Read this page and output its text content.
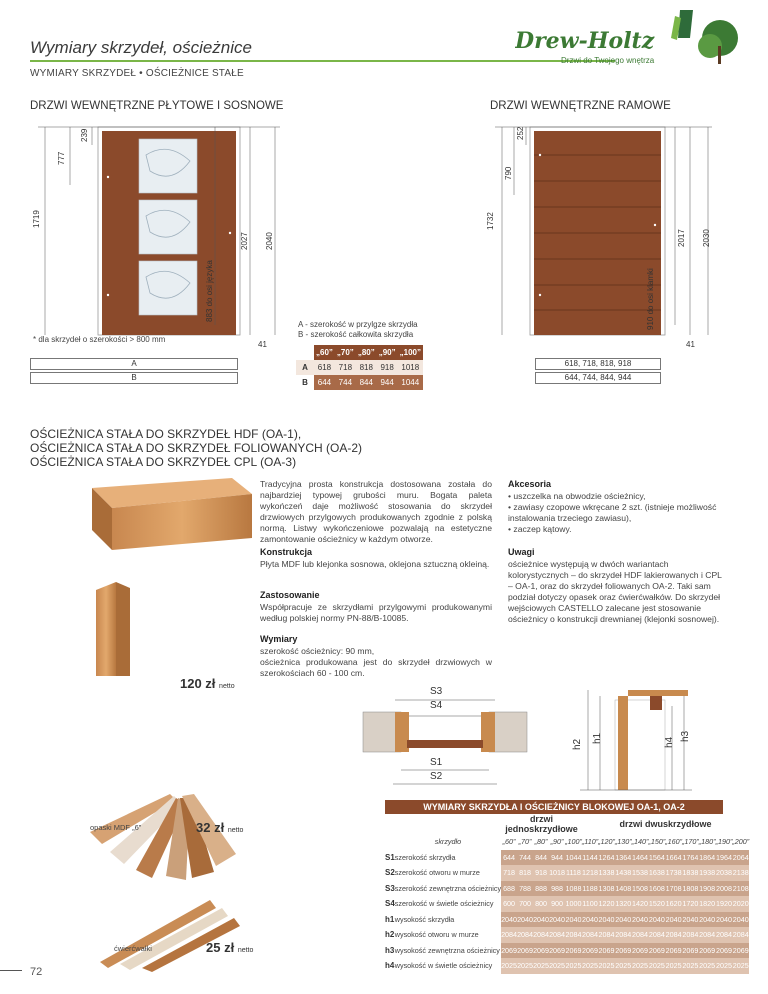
Wymiary skrzydeł, ościeżnice
WYMIARY SKRZYDEŁ • OŚCIEŻNICE STAŁE
Drew-Holtz
Drzwi do Twojego wnętrza
DRZWI WEWNĘTRZNE PŁYTOWE I SOSNOWE
1719
777
239
883 do osi języka
2027 2040
41
* dla skrzydeł o szerokości > 800 mm
A
B
A - szerokość w przylgze skrzydła
B - szerokość całkowita skrzydła
	„60”	„70”	„80”	„90”	„100”
A	618	718	818	918	1018
B	644	744	844	944	1044
DRZWI WEWNĘTRZNE RAMOWE
1732
790
252
910 do osi klamki
2017 2030
41
618, 718, 818, 918
644, 744, 844, 944
OŚCIEŻNICA STAŁA DO SKRZYDEŁ HDF (OA-1),
OŚCIEŻNICA STAŁA DO SKRZYDEŁ FOLIOWANYCH (OA-2)
OŚCIEŻNICA STAŁA DO SKRZYDEŁ CPL (OA-3)
120 zł netto
Tradycyjna prosta konstrukcja dostosowana została do najbardziej typowej grubości muru. Bogata paleta wykończeń daje możliwość stosowania do skrzydeł drzwiowych przylgowych produkowanych zgodnie z polską normą. Listwy wykończeniowe pozwalają na estetyczne zamontowanie ościeżnicy w każdym otworze.
Konstrukcja
Płyta MDF lub klejonka sosnowa, oklejona sztuczną okleiną.
Zastosowanie
Współpracuje ze skrzydłami przylgowymi produkowanymi według polskiej normy PN-88/B-10085.
Wymiary
szerokość ościeżnicy: 90 mm,
ościeżnica produkowana jest do skrzydeł drzwiowych w szerokościach 60 - 100 cm.
Akcesoria
• uszczelka na obwodzie ościeżnicy,
• zawiasy czopowe wkręcane 2 szt. (istnieje możliwość instalowania trzeciego zawiasu),
• zaczep kątowy.
Uwagi
ościeżnice występują w dwóch wariantach kolorystycznych – do skrzydeł HDF lakierowanych i CPL – OA-1, oraz do skrzydeł foliowanych OA-2. Taki sam podział dotyczy opasek oraz ćwierćwałków. Do skrzydeł wejściowych CASTELLO zalecane jest stosowanie ościeżnicy o konstrukcji drewnianej (klejonki sosnowej).
S3
S4
S1
S2
h2
h1	h4
h3
opaski MDF „6”	32 zł netto
ćwierćwałki	25 zł netto
WYMIARY SKRZYDŁA I OŚCIEŻNICY BLOKOWEJ OA-1, OA-2
		drzwi jednoskrzydłowe					drzwi dwuskrzydłowe									
	skrzydło	„60”	„70”	„80”	„90”	„100”	„110”	„120”	„130”	„140”	„150”	„160”	„170”	„180”	„190”	„200”
S1	szerokość skrzydła	644	744	844	944	1044	1144	1264	1364	1464	1564	1664	1764	1864	1964	2064
S2	szerokość otworu w murze	718	818	918	1018	1118	1218	1338	1438	1538	1638	1738	1838	1938	2038	2138
S3	szerokość zewnętrzna ościeżnicy	688	788	888	988	1088	1188	1308	1408	1508	1608	1708	1808	1908	2008	2108
S4	szerokość w świetle ościeżnicy	600	700	800	900	1000	1100	1220	1320	1420	1520	1620	1720	1820	1920	2020
h1	wysokość skrzydła	2040	2040	2040	2040	2040	2040	2040	2040	2040	2040	2040	2040	2040	2040	2040
h2	wysokość otworu w murze	2084	2084	2084	2084	2084	2084	2084	2084	2084	2084	2084	2084	2084	2084	2084
h3	wysokość zewnętrzna ościeżnicy	2069	2069	2069	2069	2069	2069	2069	2069	2069	2069	2069	2069	2069	2069	2069
h4	wysokość w świetle ościeżnicy	2025	2025	2025	2025	2025	2025	2025	2025	2025	2025	2025	2025	2025	2025	2025
72
